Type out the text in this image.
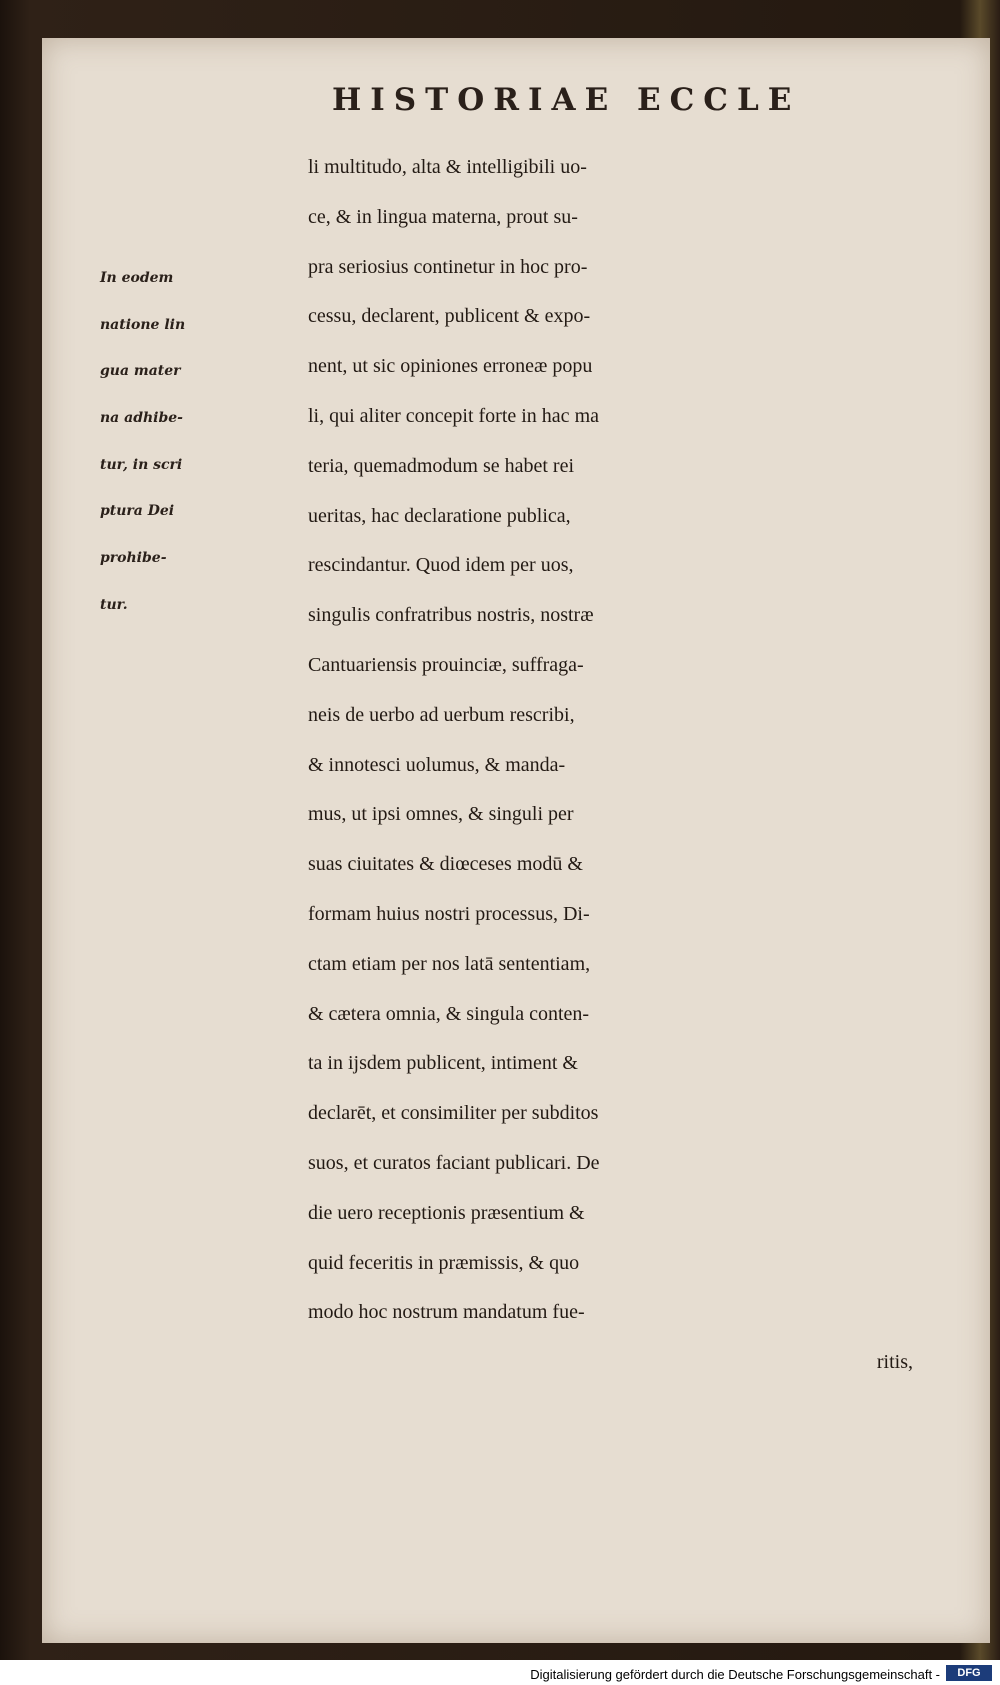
HISTORIAE ECCLE
In eodem
natione lin
gua mater
na adhibe-
tur, in scri
ptura Dei
prohibe-
tur.
li multitudo, alta & intelligibili uo-
ce, & in lingua materna, prout su-
pra seriosius continetur in hoc pro-
cessu, declarent, publicent & expo-
nent, ut sic opiniones erroneæ popu
li, qui aliter concepit forte in hac ma
teria, quemadmodum se habet rei
ueritas, hac declaratione publica,
rescindantur. Quod idem per uos,
singulis confratribus nostris, nostræ
Cantuariensis prouinciæ, suffraga-
neis de uerbo ad uerbum rescribi,
& innotesci uolumus, & manda-
mus, ut ipsi omnes, & singuli per
suas ciuitates & diœceses modū &
formam huius nostri processus, Di-
ctam etiam per nos latā sententiam,
& cætera omnia, & singula conten-
ta in ijsdem publicent, intiment &
declarēt, et consimiliter per subditos
suos, et curatos faciant publicari. De
die uero receptionis præsentium &
quid feceritis in præmissis, & quo
modo hoc nostrum mandatum fue-
ritis,
Digitalisierung gefördert durch die Deutsche Forschungsgemeinschaft -	DFG
